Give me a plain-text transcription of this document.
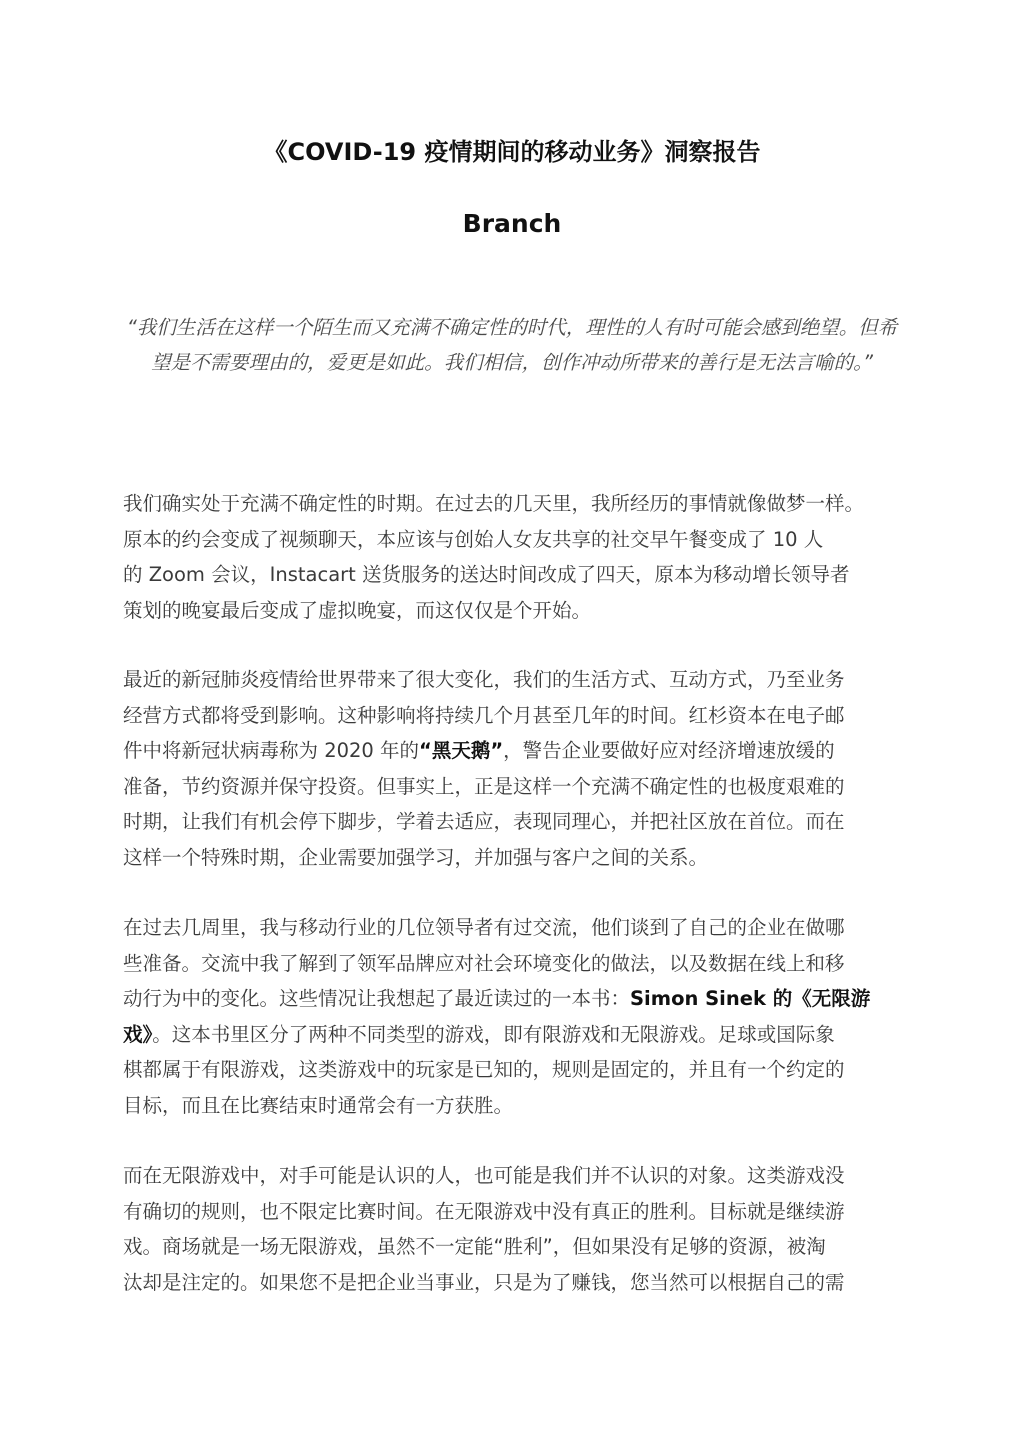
《COVID-19 疫情期间的移动业务》洞察报告
Branch
“我们生活在这样一个陌生而又充满不确定性的时代，理性的人有时可能会感到绝望。但希望是不需要理由的，爱更是如此。我们相信，创作冲动所带来的善行是无法言喻的。”
我们确实处于充满不确定性的时期。在过去的几天里，我所经历的事情就像做梦一样。
原本的约会变成了视频聊天，本应该与创始人女友共享的社交早午餐变成了 10 人
的 Zoom 会议，Instacart 送货服务的送达时间改成了四天，原本为移动增长领导者
策划的晚宴最后变成了虚拟晚宴，而这仅仅是个开始。
最近的新冠肺炎疫情给世界带来了很大变化，我们的生活方式、互动方式，乃至业务
经营方式都将受到影响。这种影响将持续几个月甚至几年的时间。红杉资本在电子邮
件中将新冠状病毒称为 2020 年的“黑天鹅”，警告企业要做好应对经济增速放缓的
准备，节约资源并保守投资。但事实上，正是这样一个充满不确定性的也极度艰难的
时期，让我们有机会停下脚步，学着去适应，表现同理心，并把社区放在首位。而在
这样一个特殊时期，企业需要加强学习，并加强与客户之间的关系。
在过去几周里，我与移动行业的几位领导者有过交流，他们谈到了自己的企业在做哪
些准备。交流中我了解到了领军品牌应对社会环境变化的做法，以及数据在线上和移
动行为中的变化。这些情况让我想起了最近读过的一本书：Simon Sinek 的《无限游
戏》。这本书里区分了两种不同类型的游戏，即有限游戏和无限游戏。足球或国际象
棋都属于有限游戏，这类游戏中的玩家是已知的，规则是固定的，并且有一个约定的
目标，而且在比赛结束时通常会有一方获胜。
而在无限游戏中，对手可能是认识的人，也可能是我们并不认识的对象。这类游戏没
有确切的规则，也不限定比赛时间。在无限游戏中没有真正的胜利。目标就是继续游
戏。商场就是一场无限游戏，虽然不一定能“胜利”，但如果没有足够的资源，被淘
汰却是注定的。如果您不是把企业当事业，只是为了赚钱，您当然可以根据自己的需
